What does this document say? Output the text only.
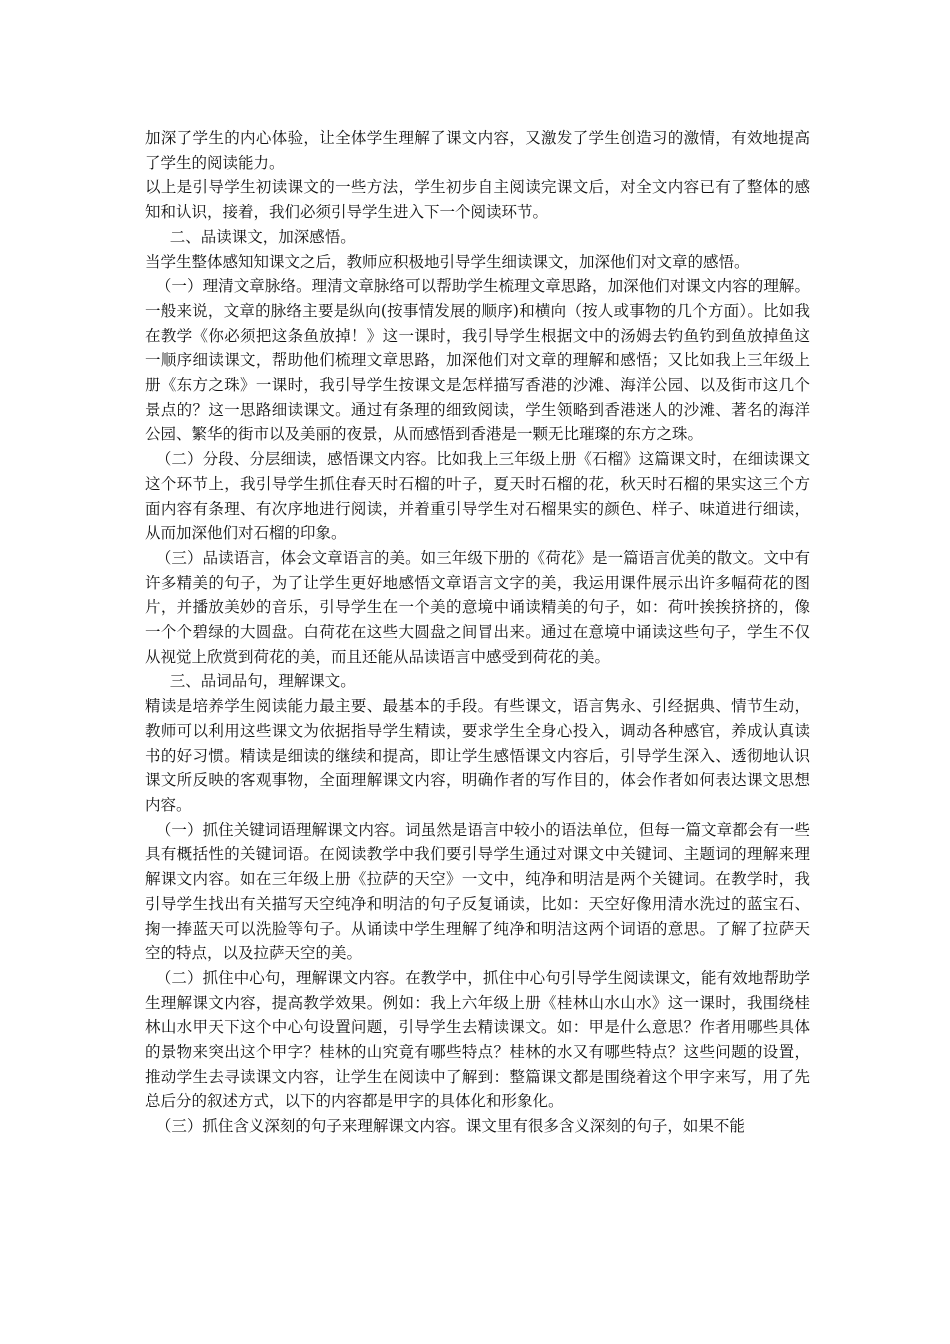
加深了学生的内心体验，让全体学生理解了课文内容，又激发了学生创造习的激情，有效地提高了学生的阅读能力。

以上是引导学生初读课文的一些方法，学生初步自主阅读完课文后，对全文内容已有了整体的感知和认识，接着，我们必须引导学生进入下一个阅读环节。

二、品读课文，加深感悟。

当学生整体感知知课文之后，教师应积极地引导学生细读课文，加深他们对文章的感悟。

（一）理清文章脉络。理清文章脉络可以帮助学生梳理文章思路，加深他们对课文内容的理解。一般来说，文章的脉络主要是纵向(按事情发展的顺序)和横向（按人或事物的几个方面）。比如我在教学《你必须把这条鱼放掉！》这一课时，我引导学生根据文中的汤姆去钓鱼钓到鱼放掉鱼这一顺序细读课文，帮助他们梳理文章思路，加深他们对文章的理解和感悟；又比如我上三年级上册《东方之珠》一课时，我引导学生按课文是怎样描写香港的沙滩、海洋公园、以及街市这几个景点的？这一思路细读课文。通过有条理的细致阅读，学生领略到香港迷人的沙滩、著名的海洋公园、繁华的街市以及美丽的夜景，从而感悟到香港是一颗无比璀璨的东方之珠。

（二）分段、分层细读，感悟课文内容。比如我上三年级上册《石榴》这篇课文时，在细读课文这个环节上，我引导学生抓住春天时石榴的叶子，夏天时石榴的花，秋天时石榴的果实这三个方面内容有条理、有次序地进行阅读，并着重引导学生对石榴果实的颜色、样子、味道进行细读，从而加深他们对石榴的印象。

（三）品读语言，体会文章语言的美。如三年级下册的《荷花》是一篇语言优美的散文。文中有许多精美的句子，为了让学生更好地感悟文章语言文字的美，我运用课件展示出许多幅荷花的图片，并播放美妙的音乐，引导学生在一个美的意境中诵读精美的句子，如：荷叶挨挨挤挤的，像一个个碧绿的大圆盘。白荷花在这些大圆盘之间冒出来。通过在意境中诵读这些句子，学生不仅从视觉上欣赏到荷花的美，而且还能从品读语言中感受到荷花的美。

三、品词品句，理解课文。

精读是培养学生阅读能力最主要、最基本的手段。有些课文，语言隽永、引经据典、情节生动，教师可以利用这些课文为依据指导学生精读，要求学生全身心投入，调动各种感官，养成认真读书的好习惯。精读是细读的继续和提高，即让学生感悟课文内容后，引导学生深入、透彻地认识课文所反映的客观事物，全面理解课文内容，明确作者的写作目的，体会作者如何表达课文思想内容。

（一）抓住关键词语理解课文内容。词虽然是语言中较小的语法单位，但每一篇文章都会有一些具有概括性的关键词语。在阅读教学中我们要引导学生通过对课文中关键词、主题词的理解来理解课文内容。如在三年级上册《拉萨的天空》一文中，纯净和明洁是两个关键词。在教学时，我引导学生找出有关描写天空纯净和明洁的句子反复诵读，比如：天空好像用清水洗过的蓝宝石、掬一捧蓝天可以洗脸等句子。从诵读中学生理解了纯净和明洁这两个词语的意思。了解了拉萨天空的特点，以及拉萨天空的美。

（二）抓住中心句，理解课文内容。在教学中，抓住中心句引导学生阅读课文，能有效地帮助学生理解课文内容，提高教学效果。例如：我上六年级上册《桂林山水山水》这一课时，我围绕桂林山水甲天下这个中心句设置问题，引导学生去精读课文。如：甲是什么意思？作者用哪些具体的景物来突出这个甲字？桂林的山究竟有哪些特点？桂林的水又有哪些特点？这些问题的设置，推动学生去寻读课文内容，让学生在阅读中了解到：整篇课文都是围绕着这个甲字来写，用了先总后分的叙述方式，以下的内容都是甲字的具体化和形象化。

（三）抓住含义深刻的句子来理解课文内容。课文里有很多含义深刻的句子，如果不能
